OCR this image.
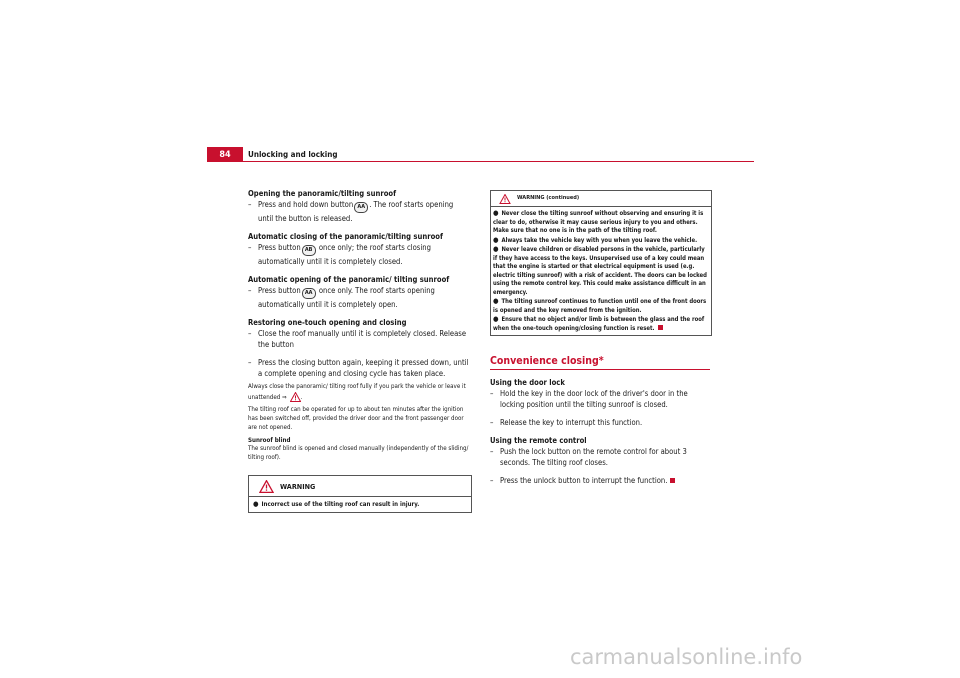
84 Unlocking and locking

Opening the panoramic/tilting sunroof

– Press and hold down button AA . The roof starts opening until the button is released.

Automatic closing of the panoramic/tilting sunroof

– Press button AB once only; the roof starts closing automatically until it is completely closed.

Automatic opening of the panoramic/ tilting sunroof

– Press button AA once only. The roof starts opening automatically until it is completely open.

Restoring one-touch opening and closing

– Close the roof manually until it is completely closed. Release the button

– Press the closing button again, keeping it pressed down, until a complete opening and closing cycle has taken place.

Always close the panoramic/ tilting roof fully if you park the vehicle or leave it unattended ⇒ .

The tilting roof can be operated for up to about ten minutes after the ignition has been switched off, provided the driver door and the front passenger door are not opened.

Sunroof blind

The sunroof blind is opened and closed manually (independently of the sliding/ tilting roof).

WARNING

● Incorrect use of the tilting roof can result in injury.

WARNING (continued)

● Never close the tilting sunroof without observing and ensuring it is clear to do, otherwise it may cause serious injury to you and others. Make sure that no one is in the path of the tilting roof.

● Always take the vehicle key with you when you leave the vehicle.

● Never leave children or disabled persons in the vehicle, particularly if they have access to the keys. Unsupervised use of a key could mean that the engine is started or that electrical equipment is used (e.g. electric tilting sunroof) with a risk of accident. The doors can be locked using the remote control key. This could make assistance difficult in an emergency.

● The tilting sunroof continues to function until one of the front doors is opened and the key removed from the ignition.

● Ensure that no object and/or limb is between the glass and the roof when the one-touch opening/closing function is reset.

Convenience closing*

Using the door lock

– Hold the key in the door lock of the driver's door in the locking position until the tilting sunroof is closed.

– Release the key to interrupt this function.

Using the remote control

– Push the lock button on the remote control for about 3 seconds. The tilting roof closes.

– Press the unlock button to interrupt the function.

carmanualsonline.info
